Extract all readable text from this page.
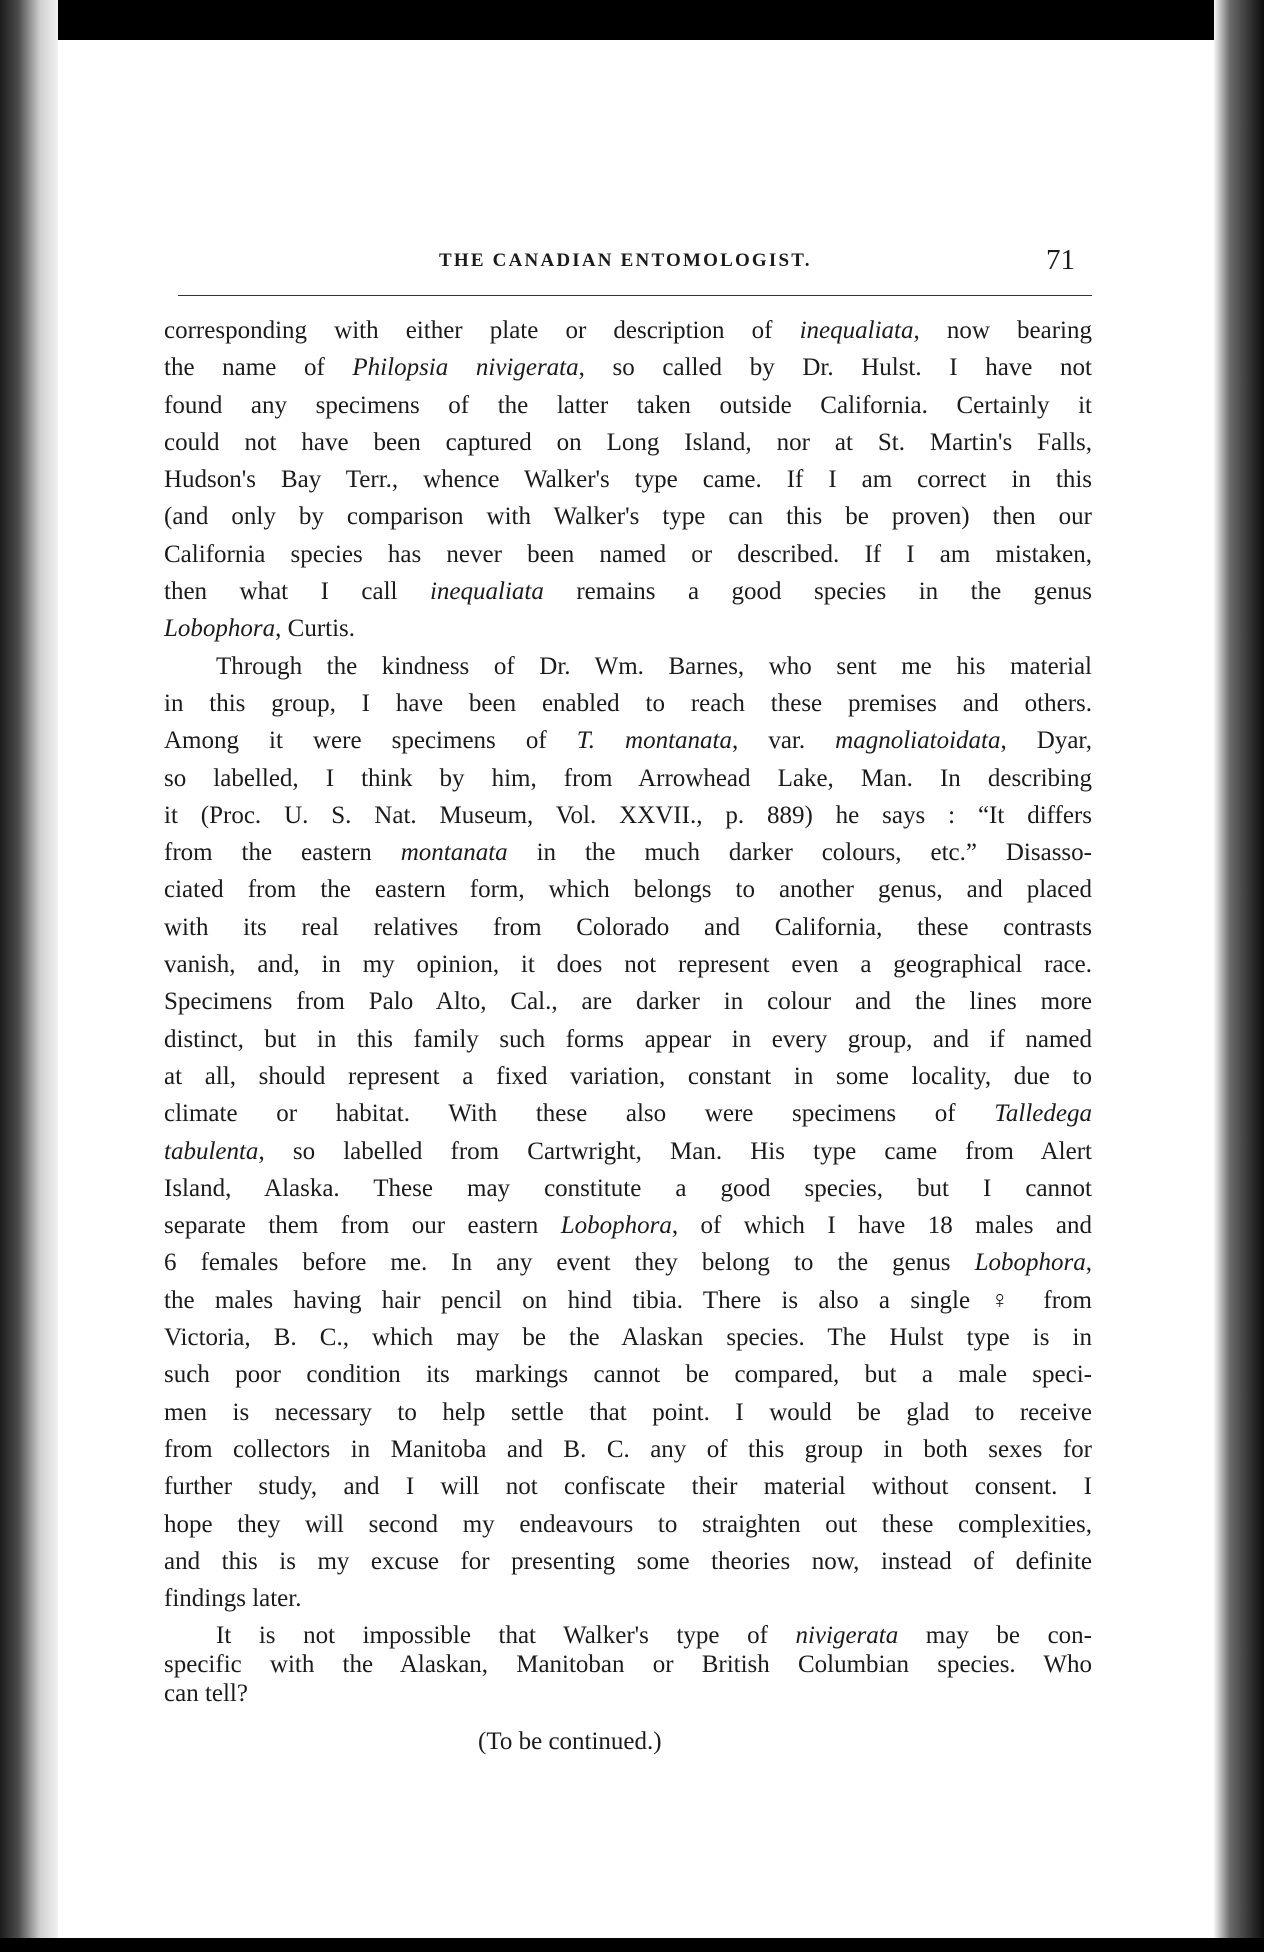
THE CANADIAN ENTOMOLOGIST.	71
corresponding with either plate or description of inequaliata, now bearing
the name of Philopsia nivigerata, so called by Dr. Hulst. I have not
found any specimens of the latter taken outside California. Certainly it
could not have been captured on Long Island, nor at St. Martin's Falls,
Hudson's Bay Terr., whence Walker's type came. If I am correct in this
(and only by comparison with Walker's type can this be proven) then our
California species has never been named or described. If I am mistaken,
then what I call inequaliata remains a good species in the genus
Lobophora, Curtis.
Through the kindness of Dr. Wm. Barnes, who sent me his material
in this group, I have been enabled to reach these premises and others.
Among it were specimens of T. montanata, var. magnoliatoidata, Dyar,
so labelled, I think by him, from Arrowhead Lake, Man. In describing
it (Proc. U. S. Nat. Museum, Vol. XXVII., p. 889) he says : “It differs
from the eastern montanata in the much darker colours, etc.” Disasso-
ciated from the eastern form, which belongs to another genus, and placed
with its real relatives from Colorado and California, these contrasts
vanish, and, in my opinion, it does not represent even a geographical race.
Specimens from Palo Alto, Cal., are darker in colour and the lines more
distinct, but in this family such forms appear in every group, and if named
at all, should represent a fixed variation, constant in some locality, due to
climate or habitat. With these also were specimens of Talledega
tabulenta, so labelled from Cartwright, Man. His type came from Alert
Island, Alaska. These may constitute a good species, but I cannot
separate them from our eastern Lobophora, of which I have 18 males and
6 females before me. In any event they belong to the genus Lobophora,
the males having hair pencil on hind tibia. There is also a single ♀ from
Victoria, B. C., which may be the Alaskan species. The Hulst type is in
such poor condition its markings cannot be compared, but a male speci-
men is necessary to help settle that point. I would be glad to receive
from collectors in Manitoba and B. C. any of this group in both sexes for
further study, and I will not confiscate their material without consent. I
hope they will second my endeavours to straighten out these complexities,
and this is my excuse for presenting some theories now, instead of definite
findings later.
It is not impossible that Walker's type of nivigerata may be con-
specific with the Alaskan, Manitoban or British Columbian species. Who
can tell?
(To be continued.)
